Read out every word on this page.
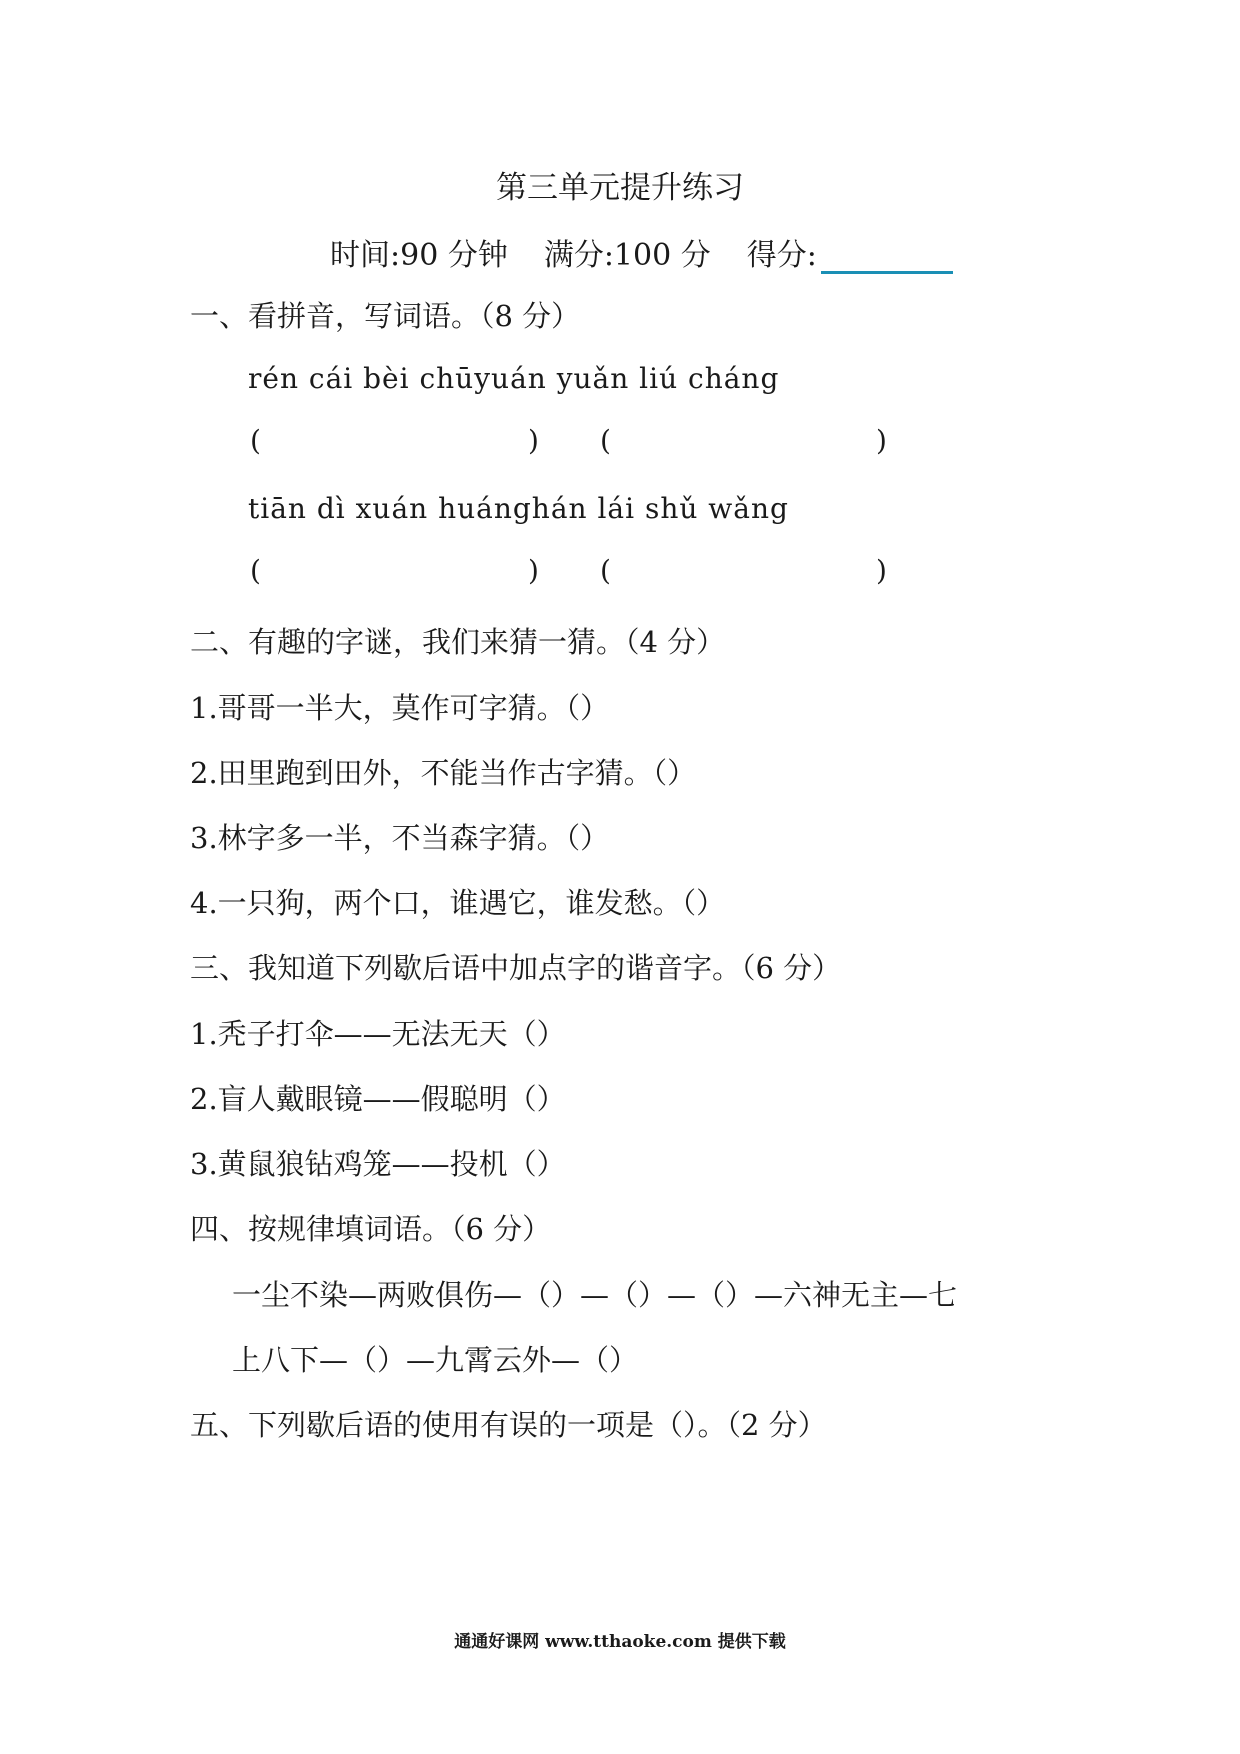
第三单元提升练习
时间:90 分钟 满分:100 分 得分:
一、看拼音，写词语。（8 分）
rén cái bèi chūyuán yuǎn liú cháng
(	) (	)
tiān dì xuán huánghán lái shǔ wǎng
(	) (	)
二、有趣的字谜，我们来猜一猜。（4 分）
1.哥哥一半大，莫作可字猜。（）
2.田里跑到田外，不能当作古字猜。（）
3.林字多一半，不当森字猜。（）
4.一只狗，两个口，谁遇它，谁发愁。（）
三、我知道下列歇后语中加点字的谐音字。（6 分）
1.秃子打伞——无法无天（）
2.盲人戴眼镜——假聪明（）
3.黄鼠狼钻鸡笼——投机（）
四、按规律填词语。（6 分）
一尘不染—两败俱伤—（）—（）—（）—六神无主—七
上八下—（）—九霄云外—（）
五、下列歇后语的使用有误的一项是（）。（2 分）
通通好课网 www.tthaoke.com 提供下载
